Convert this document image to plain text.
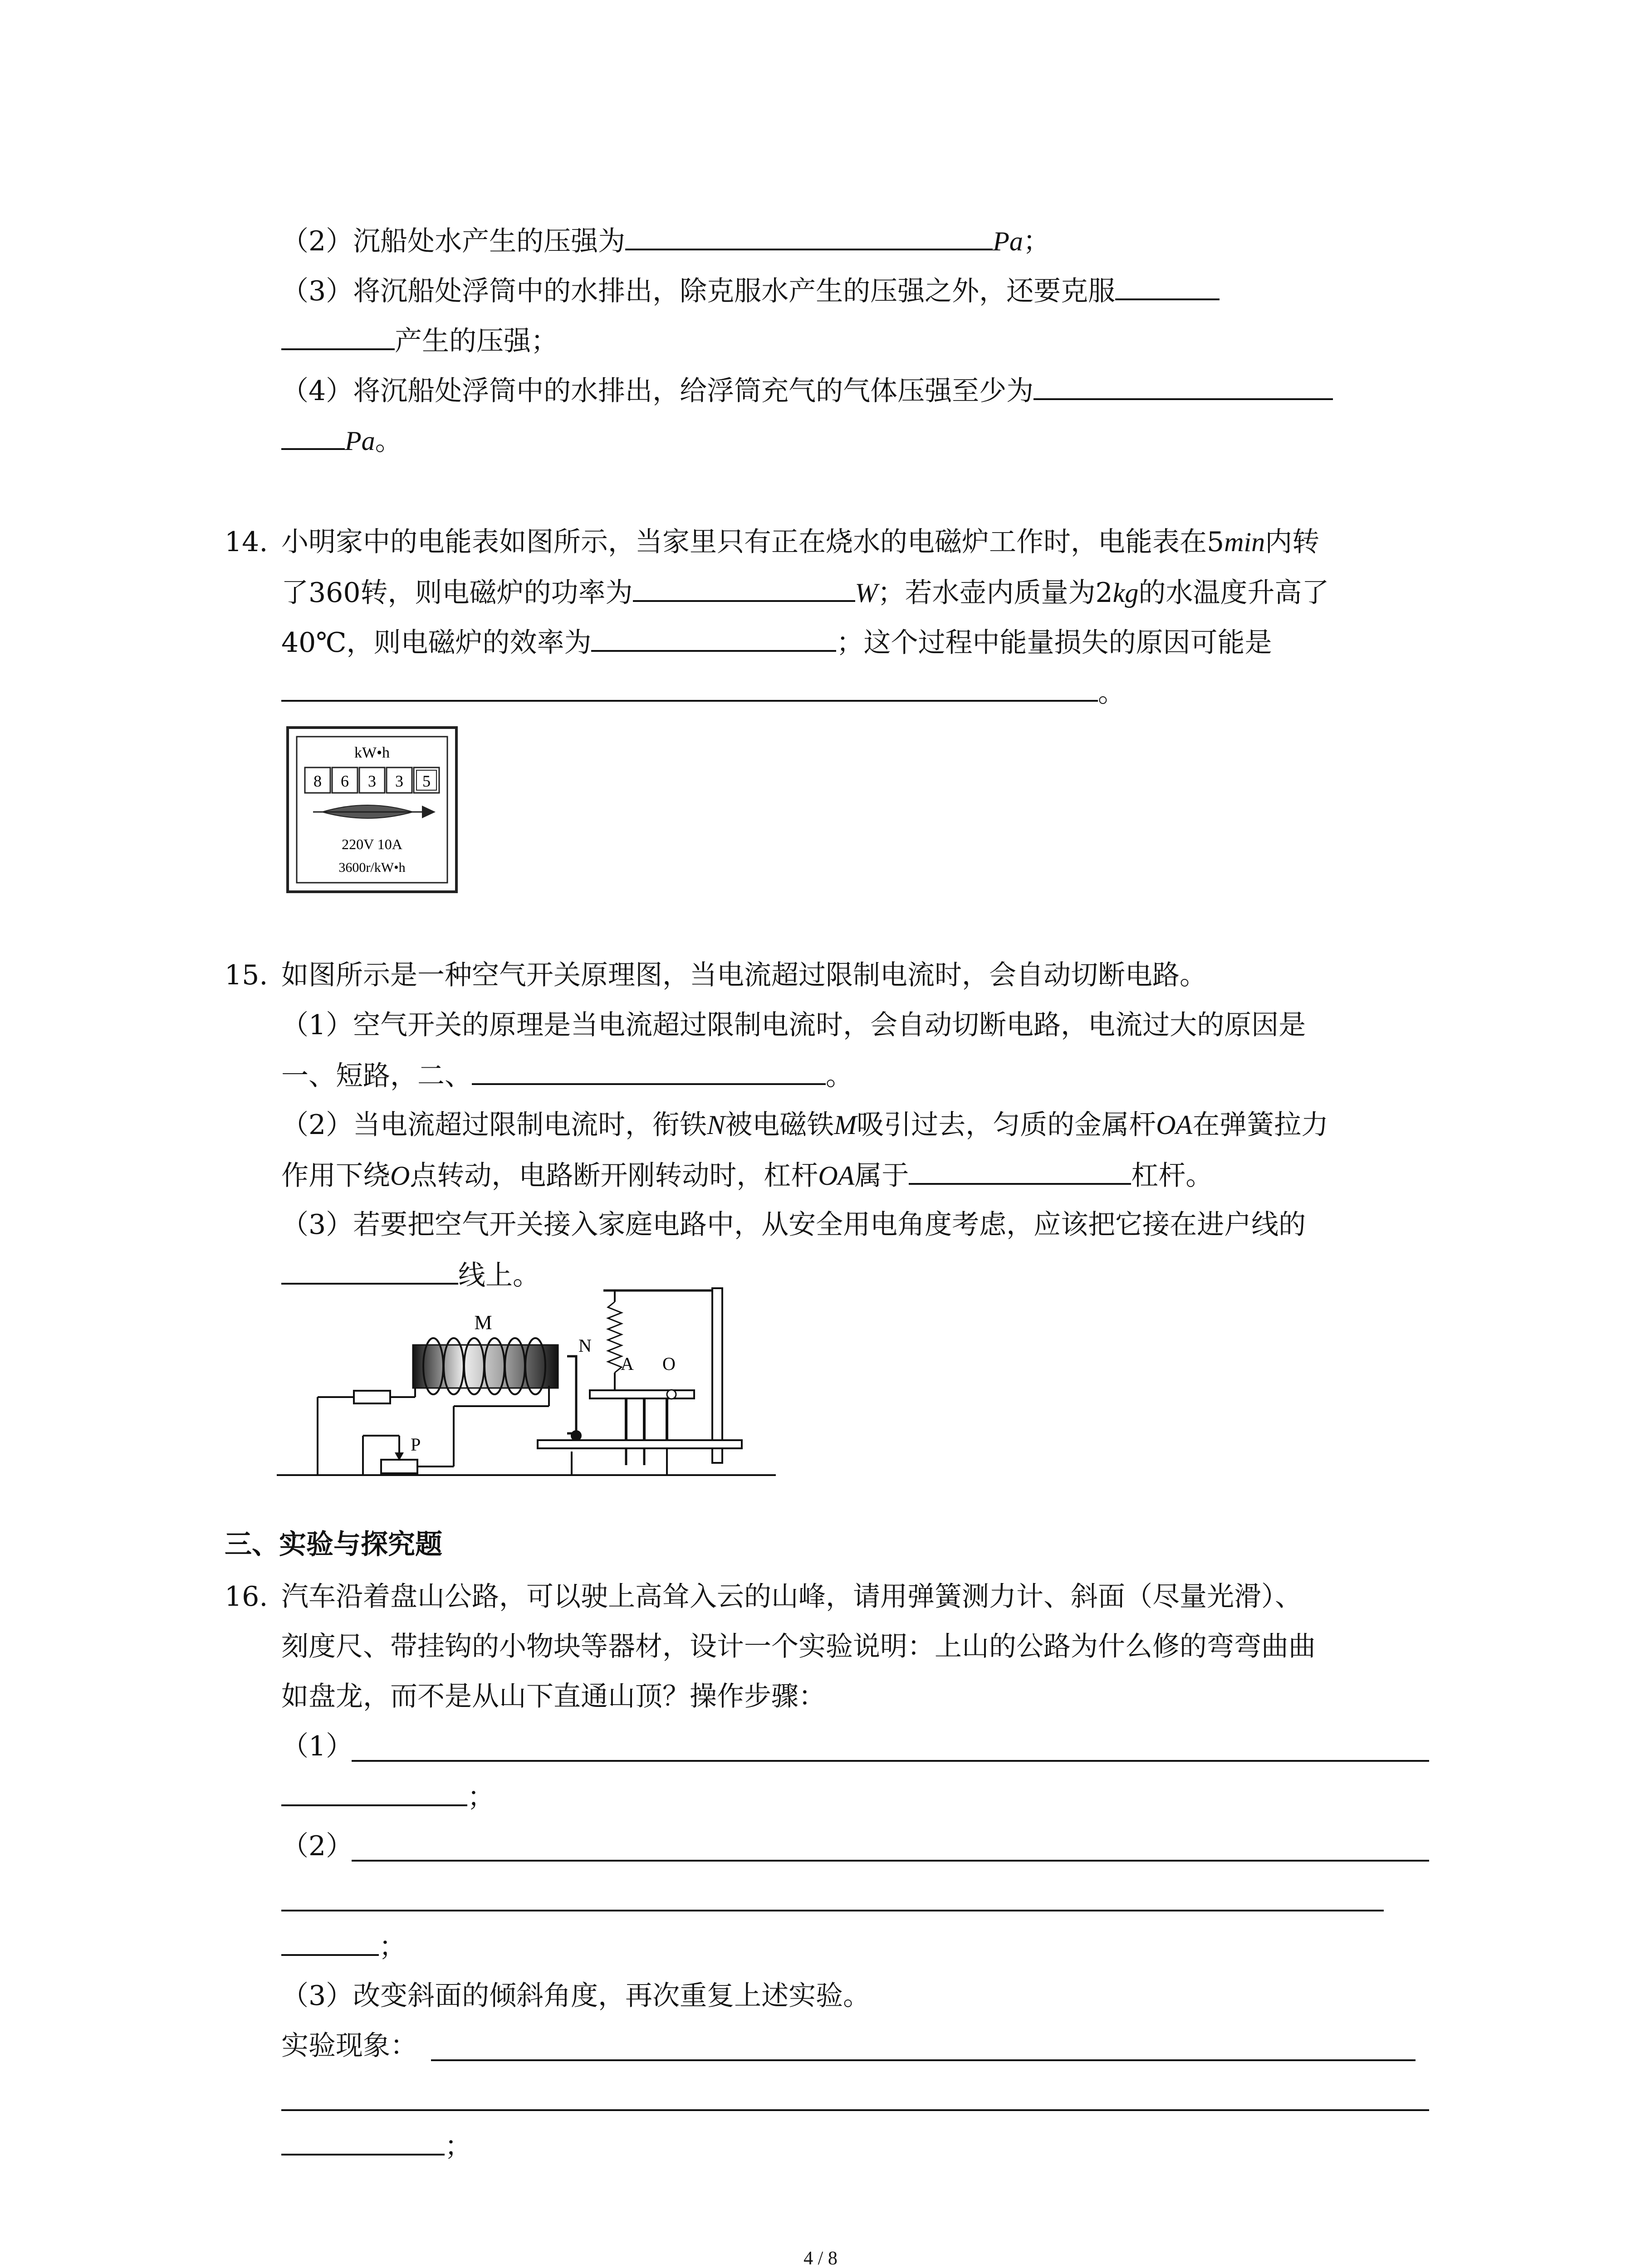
（2）沉船处水产生的压强为	Pa；
（3）将沉船处浮筒中的水排出，除克服水产生的压强之外，还要克服
产生的压强；
（4）将沉船处浮筒中的水排出，给浮筒充气的气体压强至少为
Pa。
14. 小明家中的电能表如图所示，当家里只有正在烧水的电磁炉工作时，电能表在5min内转
了360转，则电磁炉的功率为	W；若水壶内质量为2kg的水温度升高了
40℃，则电磁炉的效率为	；这个过程中能量损失的原因可能是
。
kW•h
8 6 3 3 5
220V 10A
3600r/kW•h
15. 如图所示是一种空气开关原理图，当电流超过限制电流时，会自动切断电路。
（1）空气开关的原理是当电流超过限制电流时，会自动切断电路，电流过大的原因是
一、短路，二、	。
（2）当电流超过限制电流时，衔铁N被电磁铁M吸引过去，匀质的金属杆OA在弹簧拉力
作用下绕O点转动，电路断开刚转动时，杠杆OA属于	杠杆。
（3）若要把空气开关接入家庭电路中，从安全用电角度考虑，应该把它接在进户线的
线上。
M
P
N
A O
三、实验与探究题
16. 汽车沿着盘山公路，可以驶上高耸入云的山峰，请用弹簧测力计、斜面（尽量光滑）、
刻度尺、带挂钩的小物块等器材，设计一个实验说明：上山的公路为什么修的弯弯曲曲
如盘龙，而不是从山下直通山顶？操作步骤：
（1）
；
（2）
；
（3）改变斜面的倾斜角度，再次重复上述实验。
实验现象：
；
4 / 8
